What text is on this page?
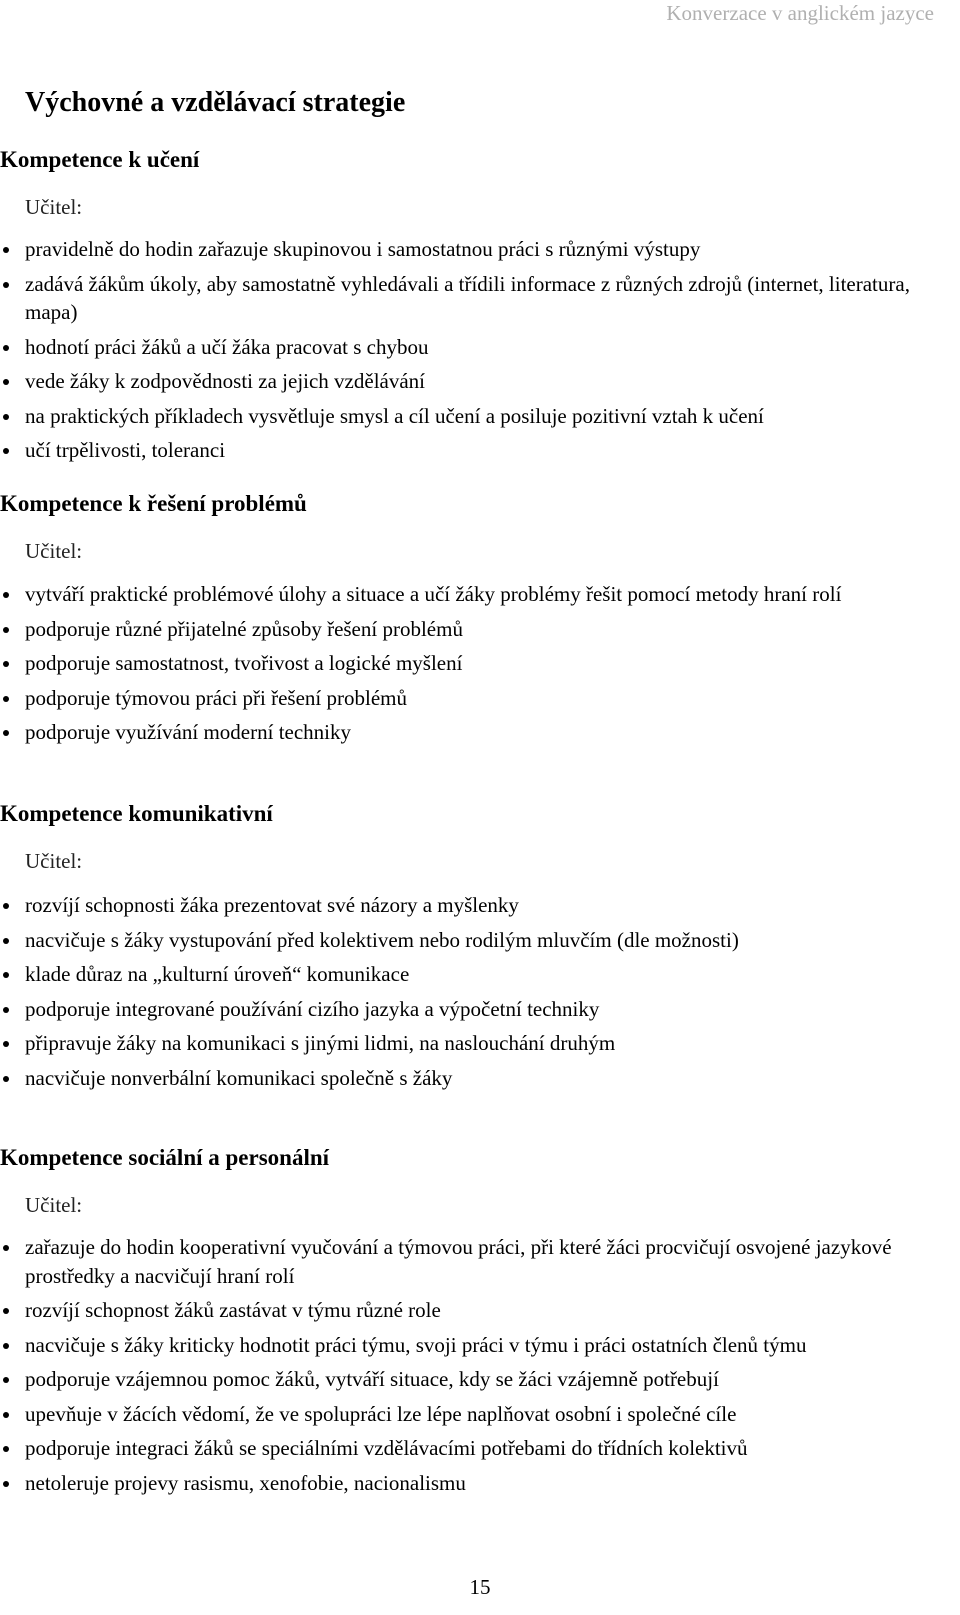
Konverzace v anglickém jazyce
Výchovné a vzdělávací strategie
Kompetence k učení

Učitel:

pravidelně do hodin zařazuje skupinovou i samostatnou práci s různými výstupy
zadává žákům úkoly, aby samostatně vyhledávali a třídili informace z různých zdrojů (internet, literatura, mapa)
hodnotí práci žáků a učí žáka pracovat s chybou
vede žáky k zodpovědnosti za jejich vzdělávání
na praktických příkladech vysvětluje smysl a cíl učení a posiluje pozitivní vztah k učení
učí trpělivosti, toleranci
Kompetence k řešení problémů

Učitel:

vytváří praktické problémové úlohy a situace a učí žáky problémy řešit pomocí metody hraní rolí
podporuje různé přijatelné způsoby řešení problémů
podporuje samostatnost, tvořivost a logické myšlení
podporuje týmovou práci při řešení problémů
podporuje využívání moderní techniky
Kompetence komunikativní

Učitel:

rozvíjí schopnosti žáka prezentovat své názory a myšlenky
nacvičuje s žáky vystupování před kolektivem nebo rodilým mluvčím (dle možnosti)
klade důraz na „kulturní úroveň“ komunikace
podporuje integrované používání cizího jazyka a výpočetní techniky
připravuje žáky na komunikaci s jinými lidmi, na naslouchání druhým
nacvičuje nonverbální komunikaci společně s žáky
Kompetence sociální a personální

Učitel:

zařazuje do hodin kooperativní vyučování a týmovou práci, při které žáci procvičují osvojené jazykové prostředky a nacvičují hraní rolí
rozvíjí schopnost žáků zastávat v týmu různé role
nacvičuje s žáky kriticky hodnotit práci týmu, svoji práci v týmu i práci ostatních členů týmu
podporuje vzájemnou pomoc žáků, vytváří situace, kdy se žáci vzájemně potřebují
upevňuje v žácích vědomí, že ve spolupráci lze lépe naplňovat osobní i společné cíle
podporuje integraci žáků se speciálními vzdělávacími potřebami do třídních kolektivů
netoleruje projevy rasismu, xenofobie, nacionalismu
15
